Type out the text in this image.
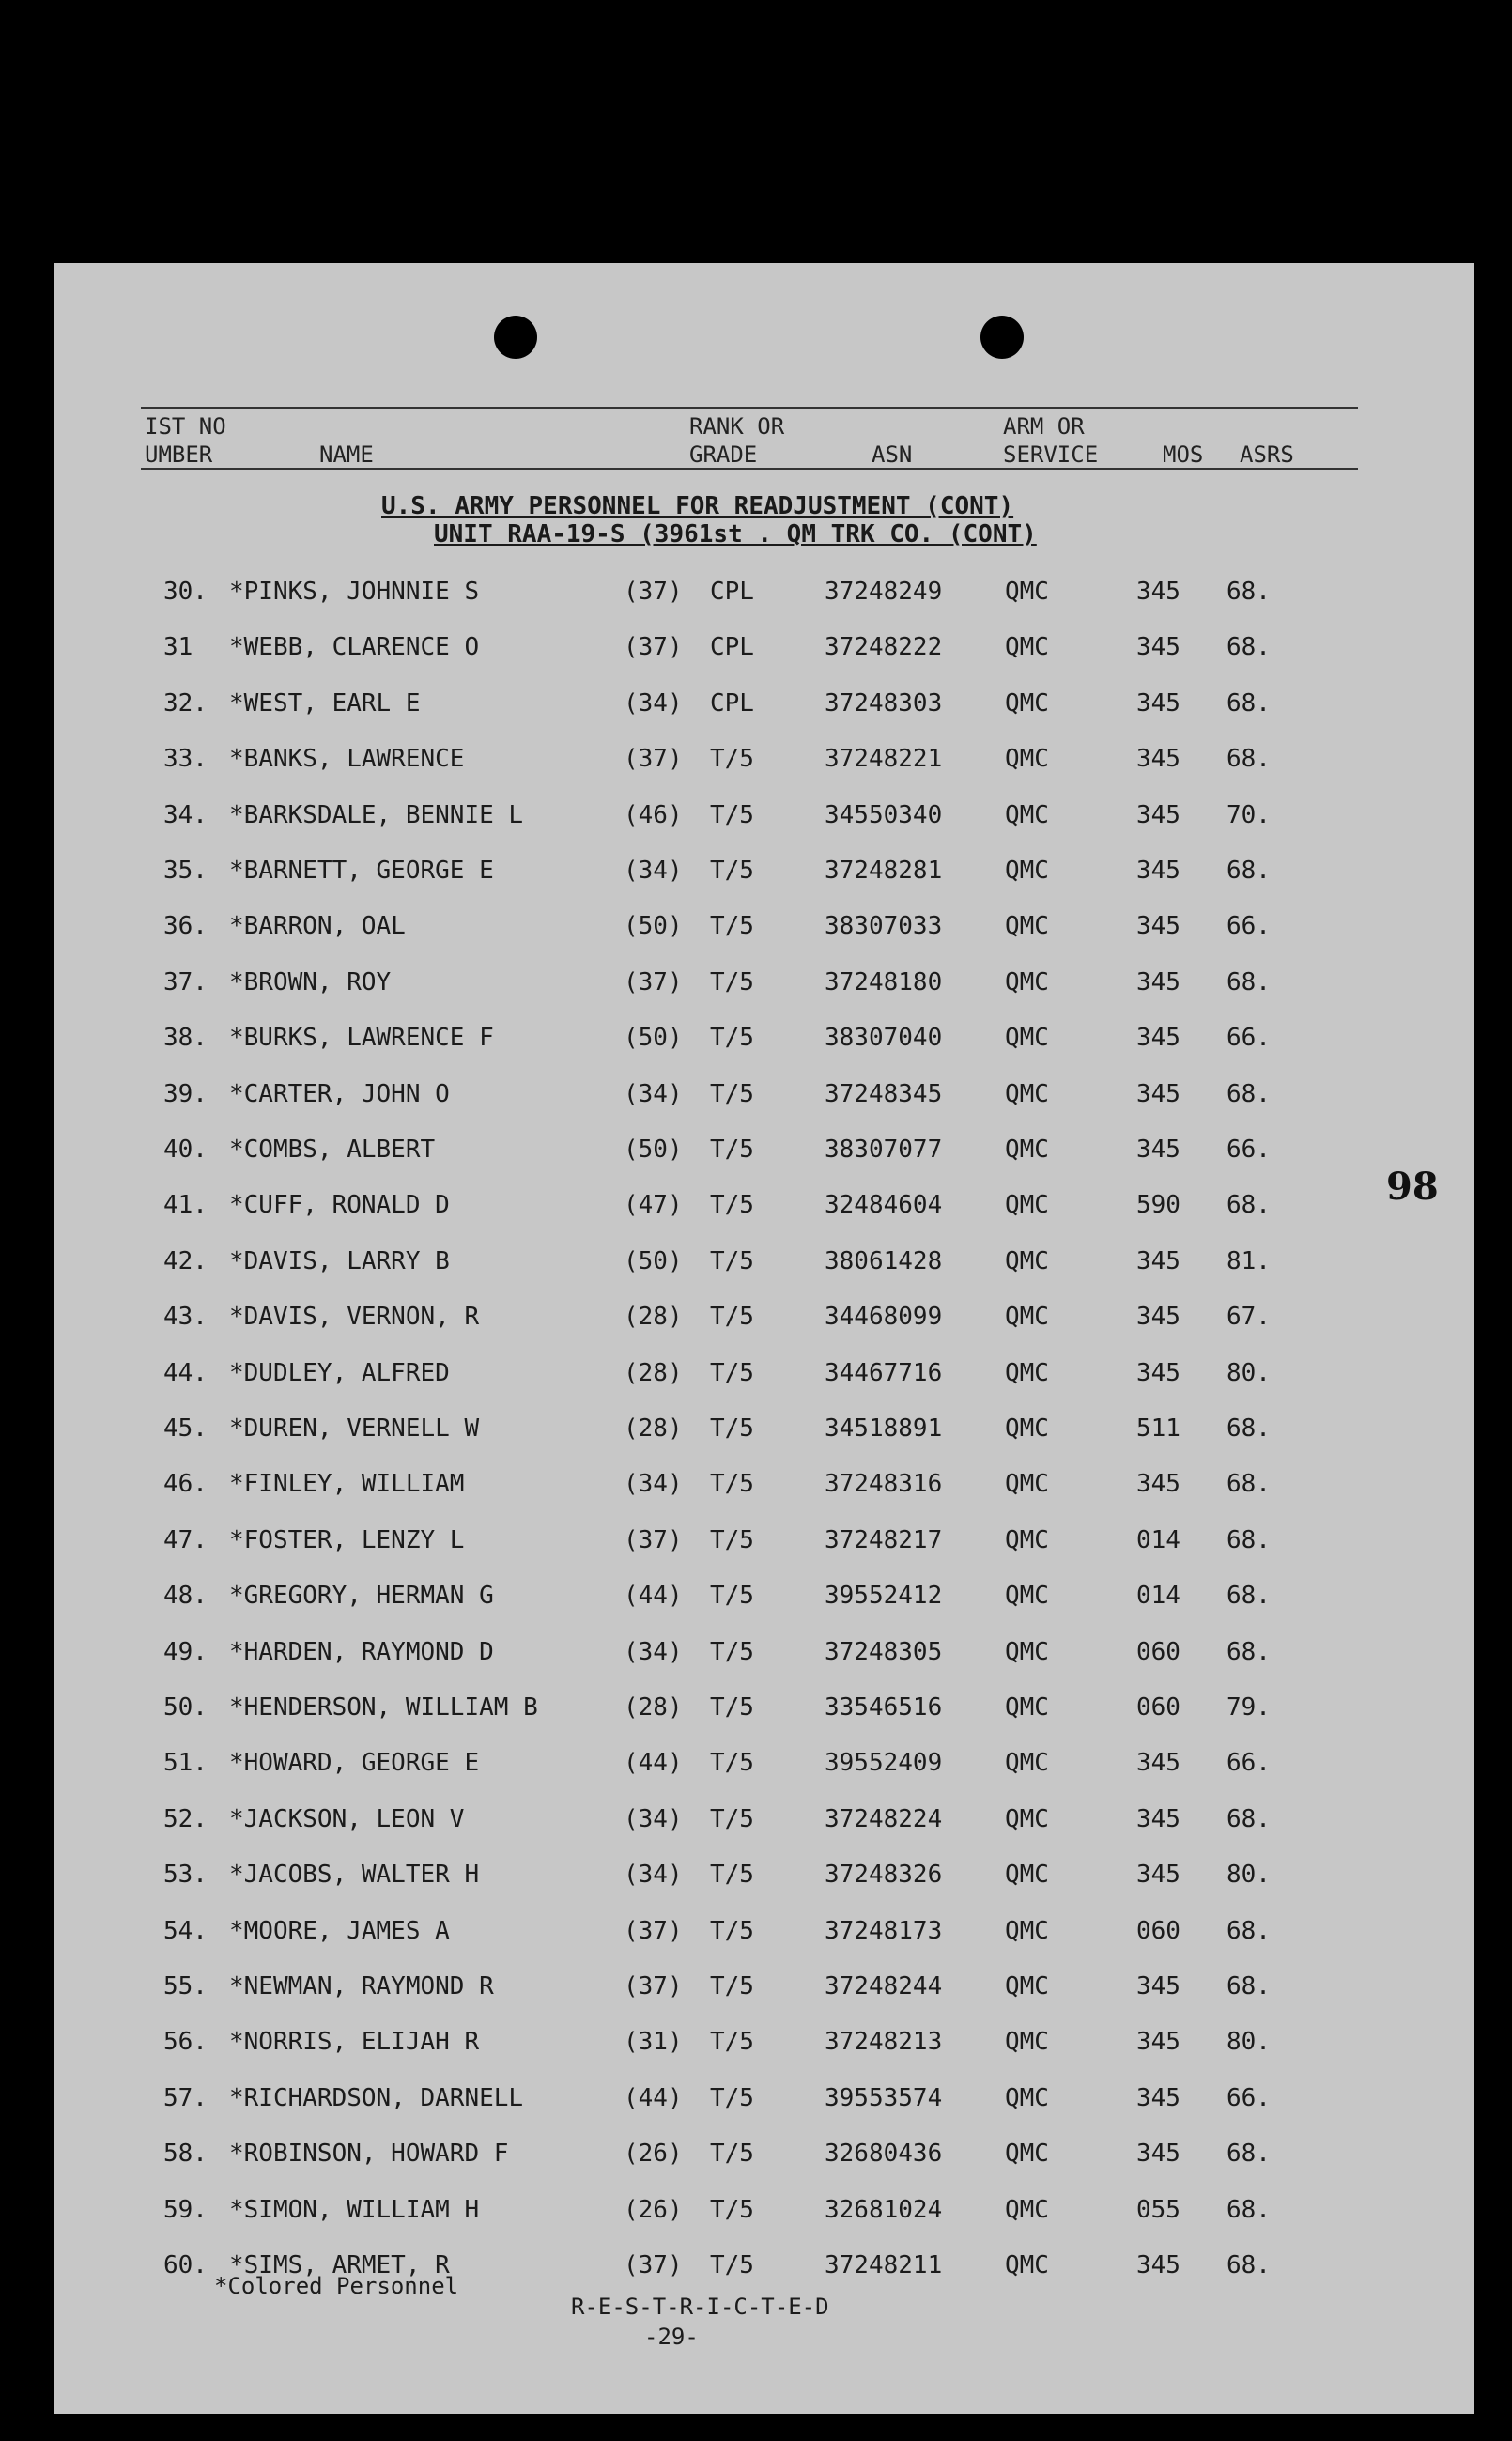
IST NO
UMBER	NAME
RANK OR
GRADE	ASN
ARM OR
SERVICE	MOS ASRS
U.S. ARMY PERSONNEL FOR READJUSTMENT (CONT)
UNIT RAA-19-S (3961st . QM TRK CO. (CONT)
30. *PINKS, JOHNNIE S	(37) CPL	37248249	QMC	345 68.
31 *WEBB, CLARENCE O	(37) CPL	37248222	QMC	345 68.
32. *WEST, EARL E	(34) CPL	37248303	QMC	345 68.
33. *BANKS, LAWRENCE	(37) T/5	37248221	QMC	345 68.
34. *BARKSDALE, BENNIE L	(46) T/5	34550340	QMC	345 70.
35. *BARNETT, GEORGE E	(34) T/5	37248281	QMC	345 68.
36. *BARRON, OAL	(50) T/5	38307033	QMC	345 66.
37. *BROWN, ROY	(37) T/5	37248180	QMC	345 68.
38. *BURKS, LAWRENCE F	(50) T/5	38307040	QMC	345 66.
39. *CARTER, JOHN O	(34) T/5	37248345	QMC	345 68.
40. *COMBS, ALBERT	(50) T/5	38307077	QMC	345 66.
41. *CUFF, RONALD D	(47) T/5	32484604	QMC	590 68.
42. *DAVIS, LARRY B	(50) T/5	38061428	QMC	345 81.
43. *DAVIS, VERNON, R	(28) T/5	34468099	QMC	345 67.
44. *DUDLEY, ALFRED	(28) T/5	34467716	QMC	345 80.
45. *DUREN, VERNELL W	(28) T/5	34518891	QMC	511 68.
46. *FINLEY, WILLIAM	(34) T/5	37248316	QMC	345 68.
47. *FOSTER, LENZY L	(37) T/5	37248217	QMC	014 68.
48. *GREGORY, HERMAN G	(44) T/5	39552412	QMC	014 68.
49. *HARDEN, RAYMOND D	(34) T/5	37248305	QMC	060 68.
50. *HENDERSON, WILLIAM B	(28) T/5	33546516	QMC	060 79.
51. *HOWARD, GEORGE E	(44) T/5	39552409	QMC	345 66.
52. *JACKSON, LEON V	(34) T/5	37248224	QMC	345 68.
53. *JACOBS, WALTER H	(34) T/5	37248326	QMC	345 80.
54. *MOORE, JAMES A	(37) T/5	37248173	QMC	060 68.
55. *NEWMAN, RAYMOND R	(37) T/5	37248244	QMC	345 68.
56. *NORRIS, ELIJAH R	(31) T/5	37248213	QMC	345 80.
57. *RICHARDSON, DARNELL	(44) T/5	39553574	QMC	345 66.
58. *ROBINSON, HOWARD F	(26) T/5	32680436	QMC	345 68.
59. *SIMON, WILLIAM H	(26) T/5	32681024	QMC	055 68.
60. *SIMS, ARMET, R	(37) T/5	37248211	QMC	345 68.
98
*Colored Personnel
R-E-S-T-R-I-C-T-E-D
-29-
